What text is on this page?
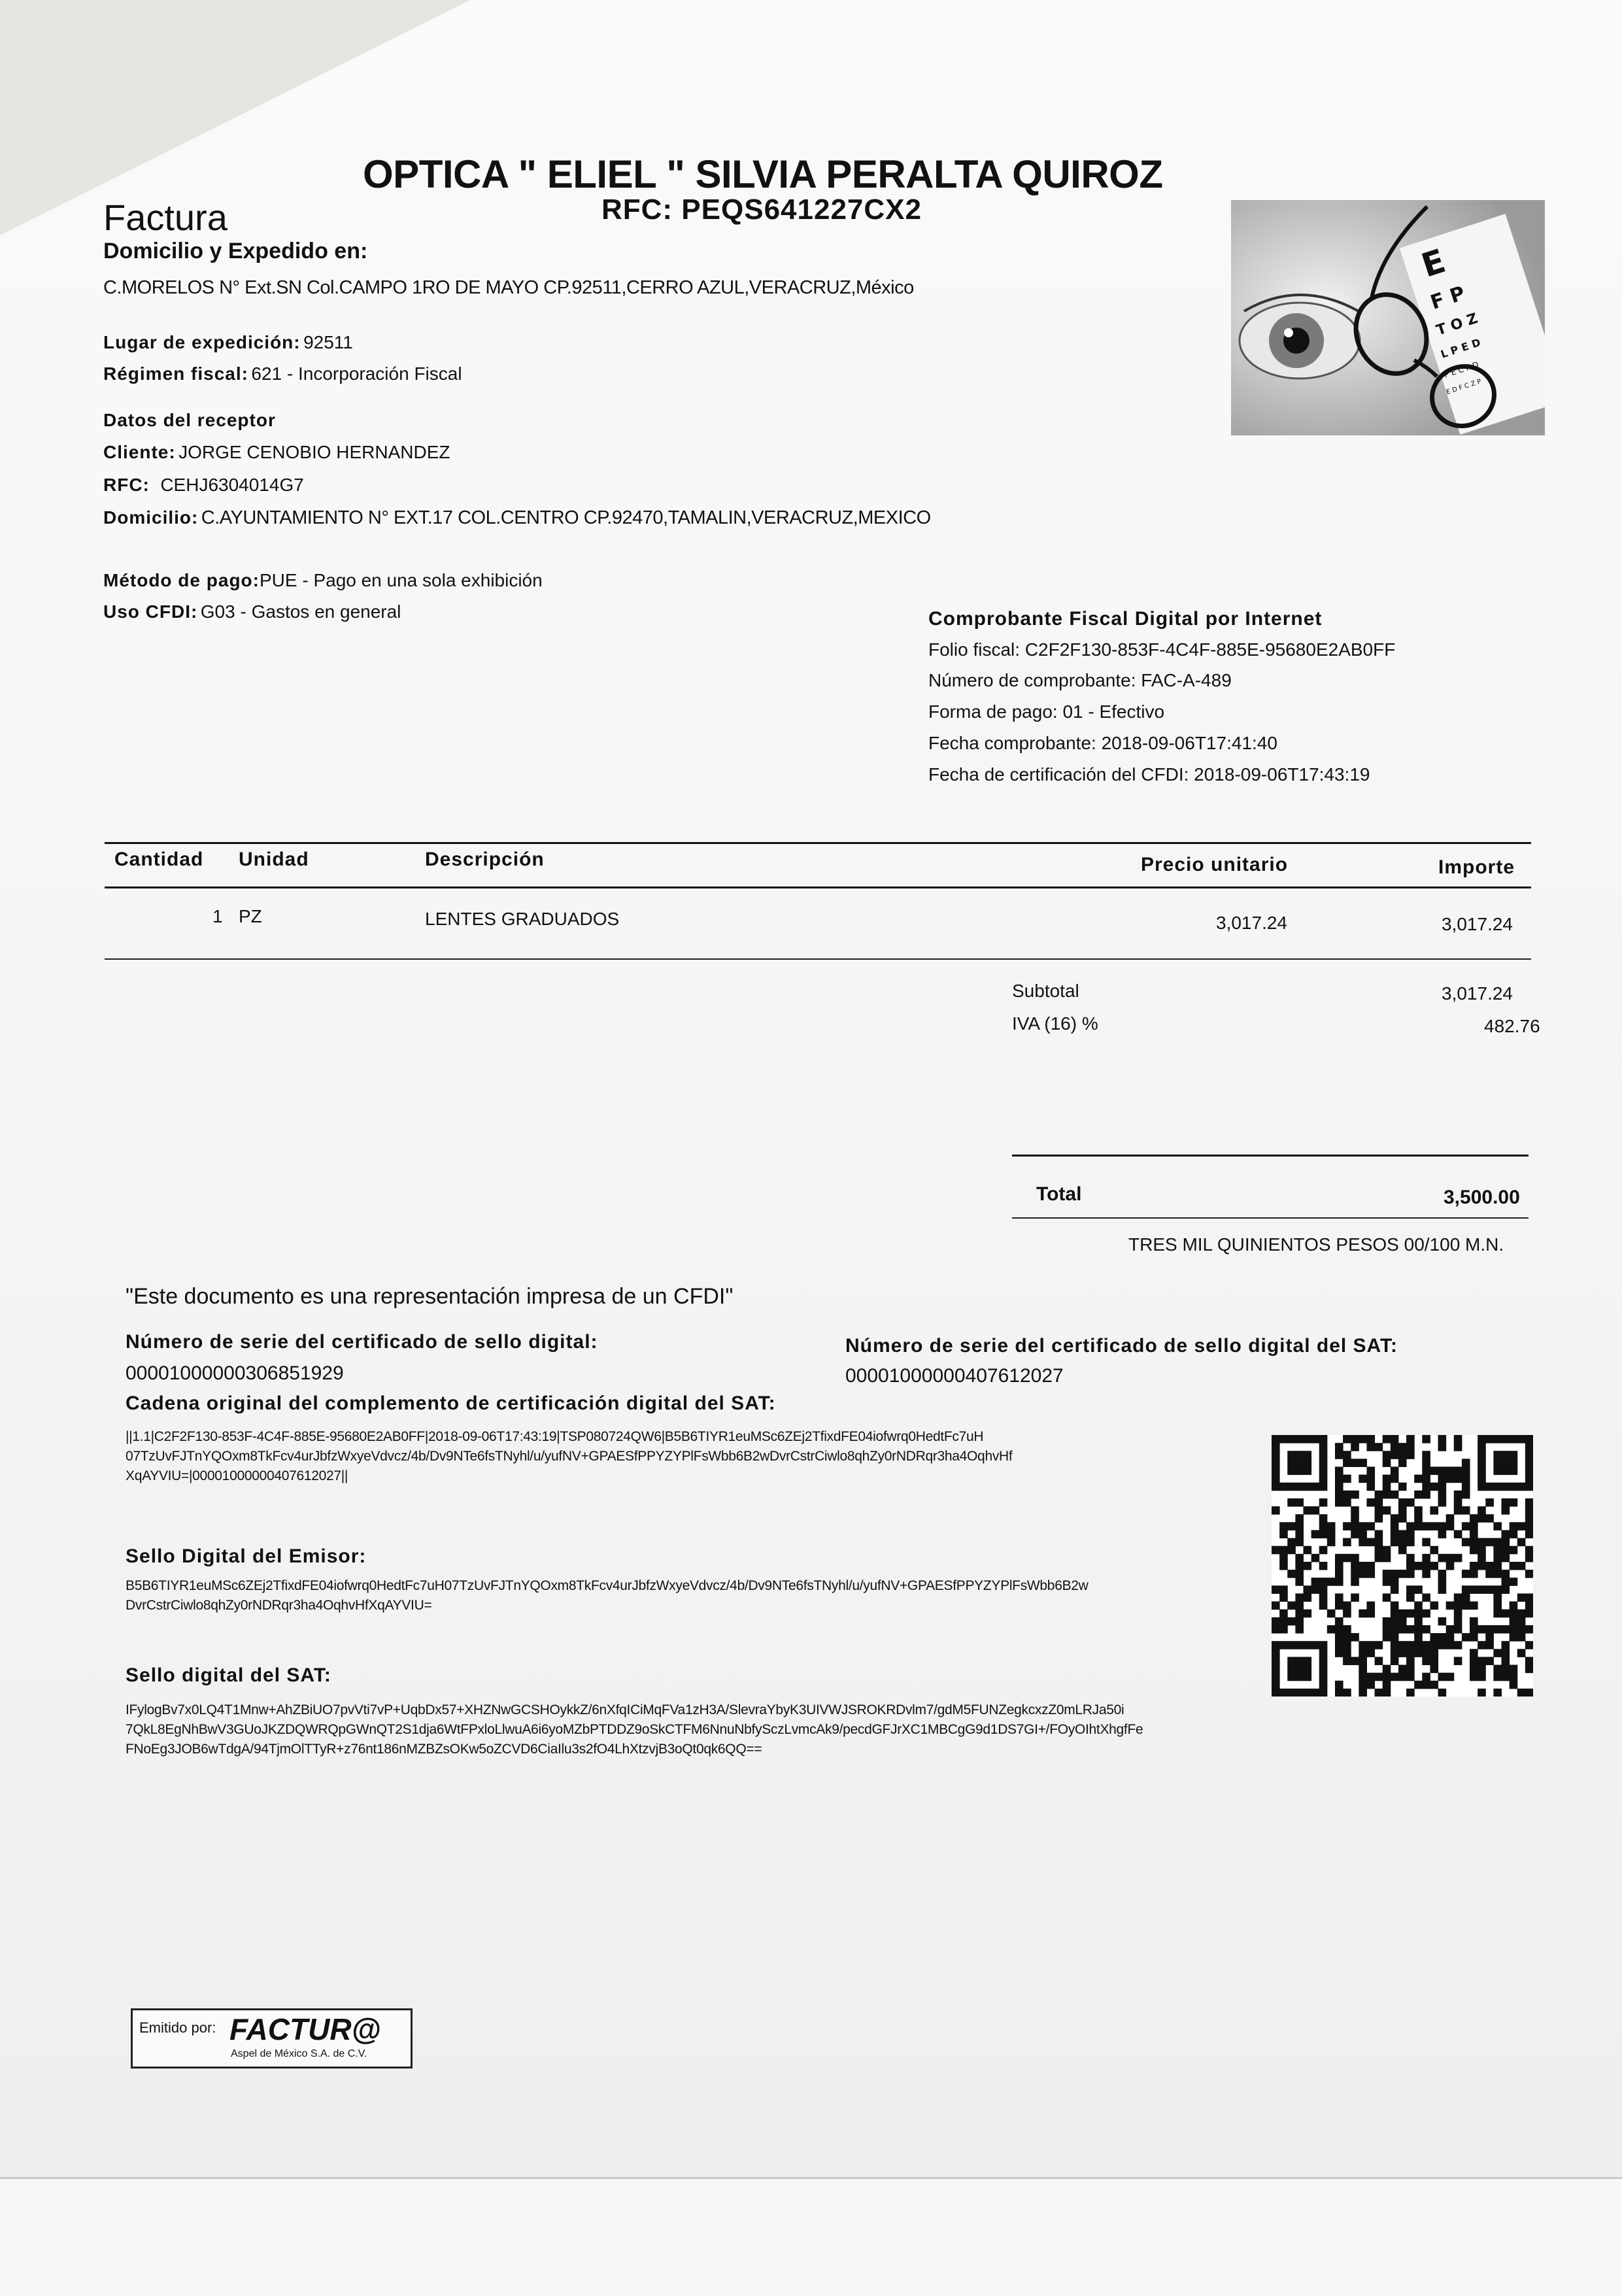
OPTICA " ELIEL " SILVIA PERALTA QUIROZ
Factura	RFC: PEQS641227CX2
E
F P
T O Z
L P E D
P E C F D
E D F C Z P
Domicilio y Expedido en:
C.MORELOS N° Ext.SN Col.CAMPO 1RO DE MAYO CP.92511,CERRO AZUL,VERACRUZ,México
Lugar de expedición: 92511
Régimen fiscal: 621 - Incorporación Fiscal
Datos del receptor
Cliente: JORGE CENOBIO HERNANDEZ
RFC: CEHJ6304014G7
Domicilio: C.AYUNTAMIENTO N° EXT.17 COL.CENTRO CP.92470,TAMALIN,VERACRUZ,MEXICO
Método de pago:PUE - Pago en una sola exhibición
Uso CFDI: G03 - Gastos en general	Comprobante Fiscal Digital por Internet
Folio fiscal: C2F2F130-853F-4C4F-885E-95680E2AB0FF
Número de comprobante: FAC-A-489
Forma de pago: 01 - Efectivo
Fecha comprobante: 2018-09-06T17:41:40
Fecha de certificación del CFDI: 2018-09-06T17:43:19
Cantidad Unidad	Descripción	Precio unitario	Importe
1 PZ	LENTES GRADUADOS	3,017.24	3,017.24
Subtotal	3,017.24
IVA (16) %	482.76
Total	3,500.00
TRES MIL QUINIENTOS PESOS 00/100 M.N.
"Este documento es una representación impresa de un CFDI"
Número de serie del certificado de sello digital:
00001000000306851929
Número de serie del certificado de sello digital del SAT:
00001000000407612027
Cadena original del complemento de certificación digital del SAT:
||1.1|C2F2F130-853F-4C4F-885E-95680E2AB0FF|2018-09-06T17:43:19|TSP080724QW6|B5B6TIYR1euMSc6ZEj2TfixdFE04iofwrq0HedtFc7uH
07TzUvFJTnYQOxm8TkFcv4urJbfzWxyeVdvcz/4b/Dv9NTe6fsTNyhl/u/yufNV+GPAESfPPYZYPlFsWbb6B2wDvrCstrCiwlo8qhZy0rNDRqr3ha4OqhvHf
XqAYVIU=|00001000000407612027||
Sello Digital del Emisor:
B5B6TIYR1euMSc6ZEj2TfixdFE04iofwrq0HedtFc7uH07TzUvFJTnYQOxm8TkFcv4urJbfzWxyeVdvcz/4b/Dv9NTe6fsTNyhl/u/yufNV+GPAESfPPYZYPlFsWbb6B2w
DvrCstrCiwlo8qhZy0rNDRqr3ha4OqhvHfXqAYVIU=
Sello digital del SAT:
IFylogBv7x0LQ4T1Mnw+AhZBiUO7pvVti7vP+UqbDx57+XHZNwGCSHOykkZ/6nXfqICiMqFVa1zH3A/SlevraYbyK3UIVWJSROKRDvlm7/gdM5FUNZegkcxzZ0mLRJa50i
7QkL8EgNhBwV3GUoJKZDQWRQpGWnQT2S1dja6WtFPxloLlwuA6i6yoMZbPTDDZ9oSkCTFM6NnuNbfySczLvmcAk9/pecdGFJrXC1MBCgG9d1DS7GI+/FOyOIhtXhgfFe
FNoEg3JOB6wTdgA/94TjmOlTTyR+z76nt186nMZBZsOKw5oZCVD6CiaIlu3s2fO4LhXtzvjB3oQt0qk6QQ==
Emitido por: FACTUR@
Aspel de México S.A. de C.V.
